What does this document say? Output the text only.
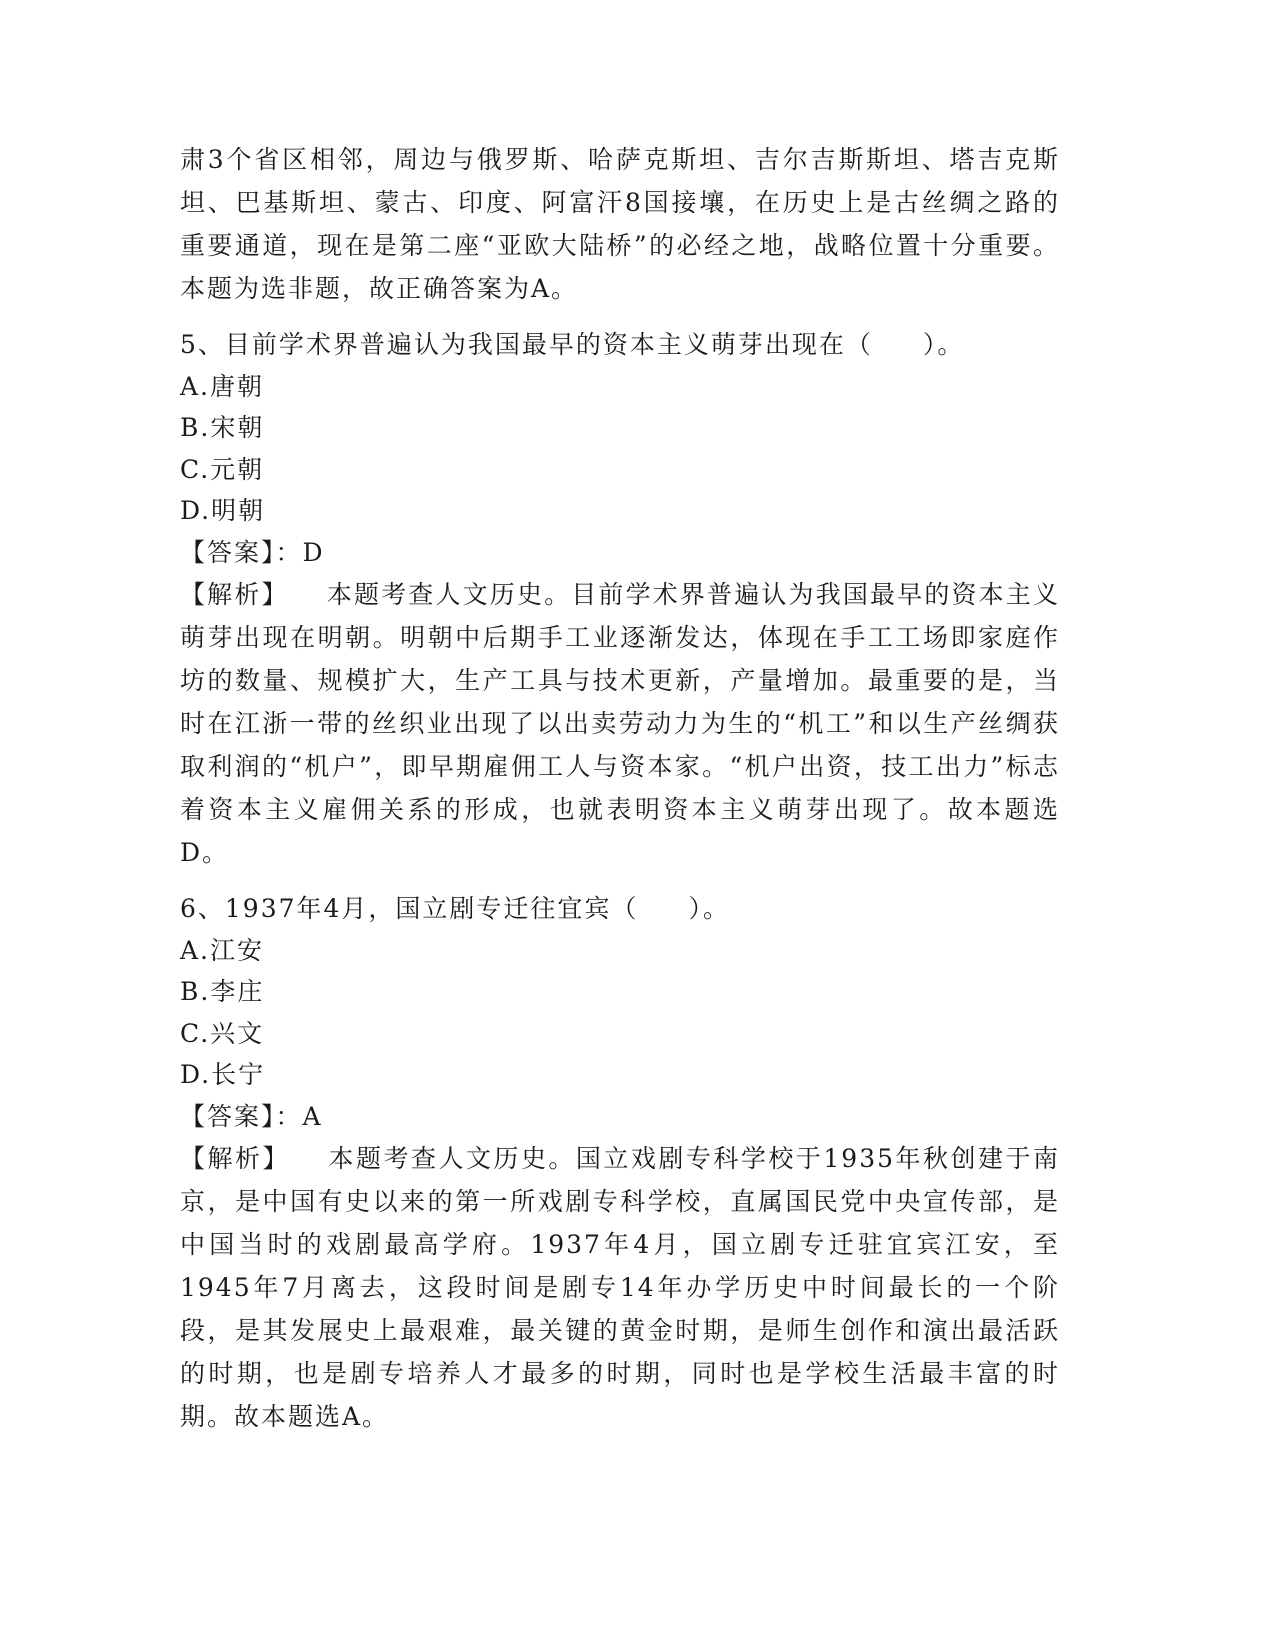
肃3个省区相邻，周边与俄罗斯、哈萨克斯坦、吉尔吉斯斯坦、塔吉克斯坦、巴基斯坦、蒙古、印度、阿富汗8国接壤，在历史上是古丝绸之路的重要通道，现在是第二座“亚欧大陆桥”的必经之地，战略位置十分重要。本题为选非题，故正确答案为A。

5、目前学术界普遍认为我国最早的资本主义萌芽出现在（ ）。

A.唐朝

B.宋朝

C.元朝

D.明朝

【答案】：D

【解析】 本题考查人文历史。目前学术界普遍认为我国最早的资本主义萌芽出现在明朝。明朝中后期手工业逐渐发达，体现在手工工场即家庭作坊的数量、规模扩大，生产工具与技术更新，产量增加。最重要的是，当时在江浙一带的丝织业出现了以出卖劳动力为生的“机工”和以生产丝绸获取利润的“机户”，即早期雇佣工人与资本家。“机户出资，技工出力”标志着资本主义雇佣关系的形成，也就表明资本主义萌芽出现了。故本题选D。

6、1937年4月，国立剧专迁往宜宾（ ）。

A.江安

B.李庄

C.兴文

D.长宁

【答案】：A

【解析】 本题考查人文历史。国立戏剧专科学校于1935年秋创建于南京，是中国有史以来的第一所戏剧专科学校，直属国民党中央宣传部，是中国当时的戏剧最高学府。1937年4月，国立剧专迁驻宜宾江安，至1945年7月离去，这段时间是剧专14年办学历史中时间最长的一个阶段，是其发展史上最艰难，最关键的黄金时期，是师生创作和演出最活跃的时期，也是剧专培养人才最多的时期，同时也是学校生活最丰富的时期。故本题选A。
